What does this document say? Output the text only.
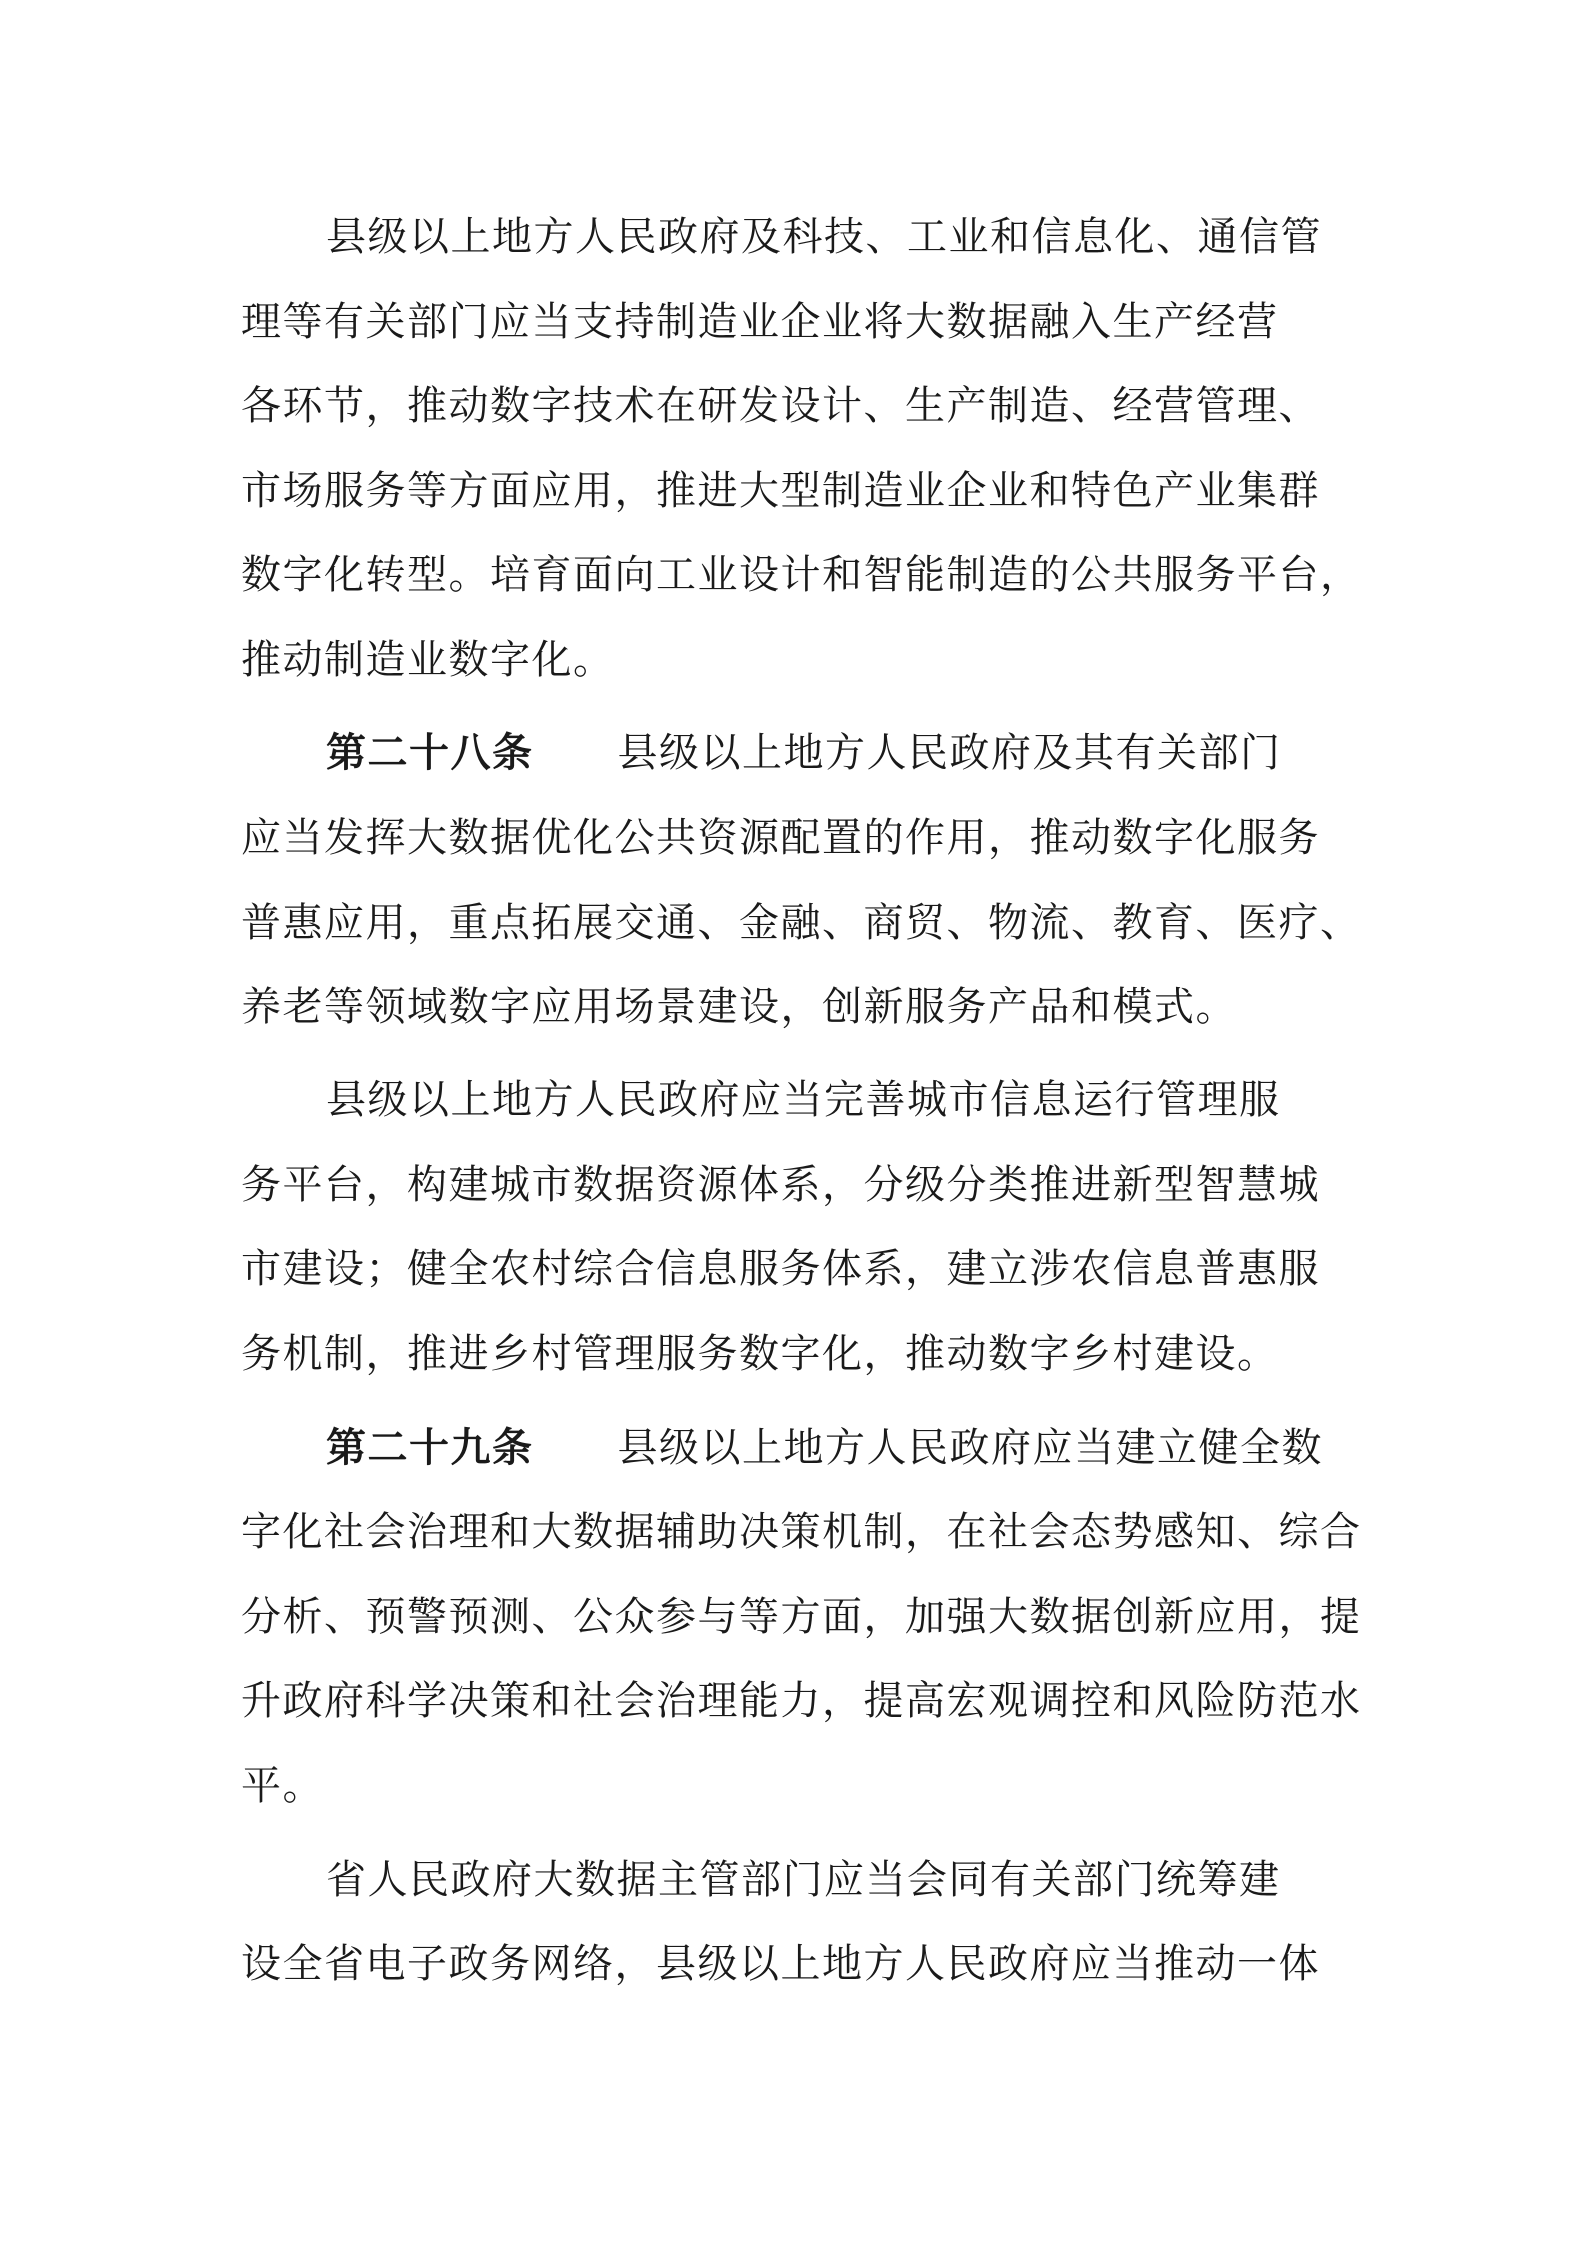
县级以上地方人民政府及科技、工业和信息化、通信管
理等有关部门应当支持制造业企业将大数据融入生产经营
各环节，推动数字技术在研发设计、生产制造、经营管理、
市场服务等方面应用，推进大型制造业企业和特色产业集群
数字化转型。培育面向工业设计和智能制造的公共服务平台，
推动制造业数字化。
第二十八条 县级以上地方人民政府及其有关部门
应当发挥大数据优化公共资源配置的作用，推动数字化服务
普惠应用，重点拓展交通、金融、商贸、物流、教育、医疗、
养老等领域数字应用场景建设，创新服务产品和模式。
县级以上地方人民政府应当完善城市信息运行管理服
务平台，构建城市数据资源体系，分级分类推进新型智慧城
市建设；健全农村综合信息服务体系，建立涉农信息普惠服
务机制，推进乡村管理服务数字化，推动数字乡村建设。
第二十九条 县级以上地方人民政府应当建立健全数
字化社会治理和大数据辅助决策机制，在社会态势感知、综合
分析、预警预测、公众参与等方面，加强大数据创新应用，提
升政府科学决策和社会治理能力，提高宏观调控和风险防范水
平。
省人民政府大数据主管部门应当会同有关部门统筹建
设全省电子政务网络，县级以上地方人民政府应当推动一体
